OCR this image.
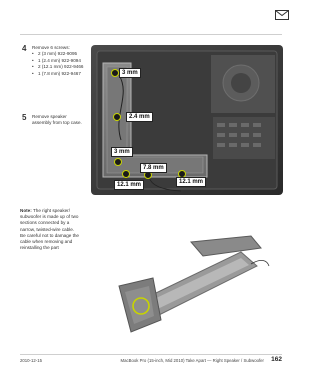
4 Remove 6 screws:
• 2 (3 mm) 922-9095
• 1 (2.4 mm) 922-9094
• 2 (12.1 mm) 922-9466
• 1 (7.8 mm) 922-9467
5 Remove speaker assembly from top case.
3 mm
2.4 mm
3 mm
7.8 mm
12.1 mm	12.1 mm
Note: The right speaker/ subwoofer is made up of two sections connected by a narrow, twisted-wire cable. Be careful not to damage the cable when removing and reinstalling the part
2010-12-15	MacBook Pro (15-inch, Mid 2010) Take Apart — Right Speaker / Subwoofer 162
